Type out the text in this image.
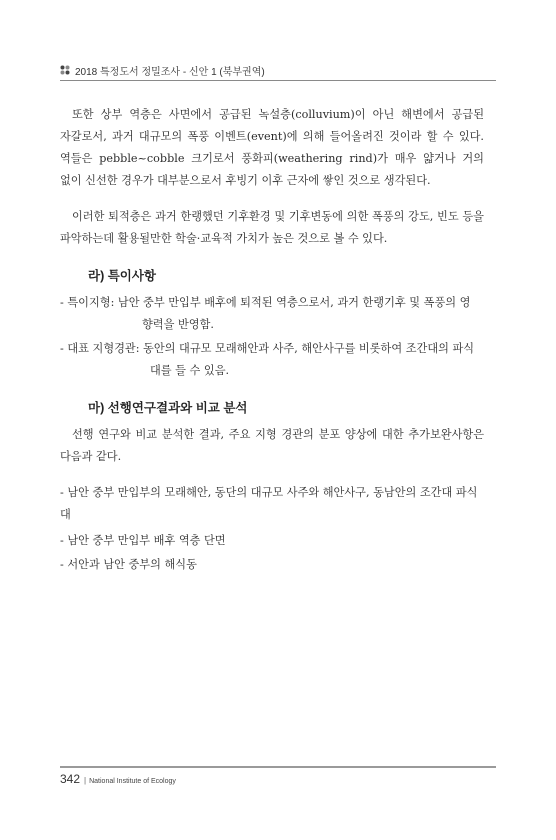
2018 특정도서 정밀조사 - 신안 1 (북부권역)

또한 상부 역층은 사면에서 공급된 녹설층(colluvium)이 아닌 해변에서 공급된 자갈로서, 과거 대규모의 폭풍 이벤트(event)에 의해 들어올려진 것이라 할 수 있다. 역들은 pebble~cobble 크기로서 풍화피(weathering rind)가 매우 얇거나 거의 없이 신선한 경우가 대부분으로서 후빙기 이후 근자에 쌓인 것으로 생각된다.

이러한 퇴적층은 과거 한랭했던 기후환경 및 기후변동에 의한 폭풍의 강도, 빈도 등을 파악하는데 활용될만한 학술·교육적 가치가 높은 것으로 볼 수 있다.

라) 특이사항
- 특이지형: 남안 중부 만입부 배후에 퇴적된 역층으로서, 과거 한랭기후 및 폭풍의 영
향력을 반영함.
- 대표 지형경관: 동안의 대규모 모래해안과 사주, 해안사구를 비롯하여 조간대의 파식
대를 들 수 있음.
마) 선행연구결과와 비교 분석

선행 연구와 비교 분석한 결과, 주요 지형 경관의 분포 양상에 대한 추가보완사항은 다음과 같다.

- 남안 중부 만입부의 모래해안, 동단의 대규모 사주와 해안사구, 동남안의 조간대 파식대
- 남안 중부 만입부 배후 역층 단면
- 서안과 남안 중부의 해식동
342 | National Institute of Ecology
